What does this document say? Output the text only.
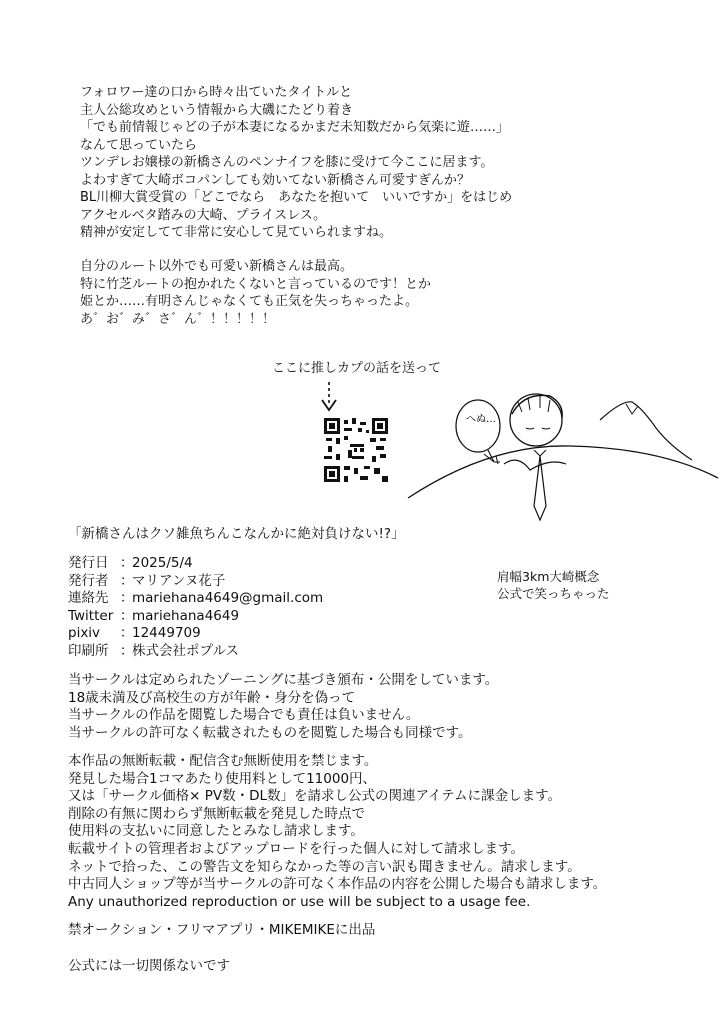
フォロワー達の口から時々出ていたタイトルと
主人公総攻めという情報から大磯にたどり着き
「でも前情報じゃどの子が本妻になるかまだ未知数だから気楽に遊……」
なんて思っていたら
ツンデレお嬢様の新橋さんのペンナイフを膝に受けて今ここに居ます。
よわすぎて大崎ボコパンしても効いてない新橋さん可愛すぎんか？
BL川柳大賞受賞の「どこでなら　あなたを抱いて　いいですか」をはじめ
アクセルベタ踏みの大崎、プライスレス。
精神が安定してて非常に安心して見ていられますね。
自分のルート以外でも可愛い新橋さんは最高。
特に竹芝ルートの抱かれたくないと言っているのです！とか
姫とか……有明さんじゃなくても正気を失っちゃったよ。
あ゛お゛み゛さ゛ん゛！！！！！
ここに推しカプの話を送って
へぬ…
「新橋さんはクソ雑魚ちんこなんかに絶対負けない!?」
肩幅3km大崎概念
公式で笑っちゃった
発行日 ：
2025/5/4
発行者 ：
マリアンヌ花子
連絡先 ：
mariehana4649@gmail.com
Twitter ：
mariehana4649
pixiv	：
12449709
印刷所 ：
株式会社ポプルス
当サークルは定められたゾーニングに基づき頒布・公開をしています。
18歳未満及び高校生の方が年齢・身分を偽って
当サークルの作品を閲覧した場合でも責任は負いません。
当サークルの許可なく転載されたものを閲覧した場合も同様です。
本作品の無断転載・配信含む無断使用を禁じます。
発見した場合1コマあたり使用料として11000円、
又は「サークル価格× PV数・DL数」を請求し公式の関連アイテムに課金します。
削除の有無に関わらず無断転載を発見した時点で
使用料の支払いに同意したとみなし請求します。
転載サイトの管理者およびアップロードを行った個人に対して請求します。
ネットで拾った、この警告文を知らなかった等の言い訳も聞きません。請求します。
中古同人ショップ等が当サークルの許可なく本作品の内容を公開した場合も請求します。
Any unauthorized reproduction or use will be subject to a usage fee.
禁オークション・フリマアプリ・MIKEMIKEに出品
公式には一切関係ないです
